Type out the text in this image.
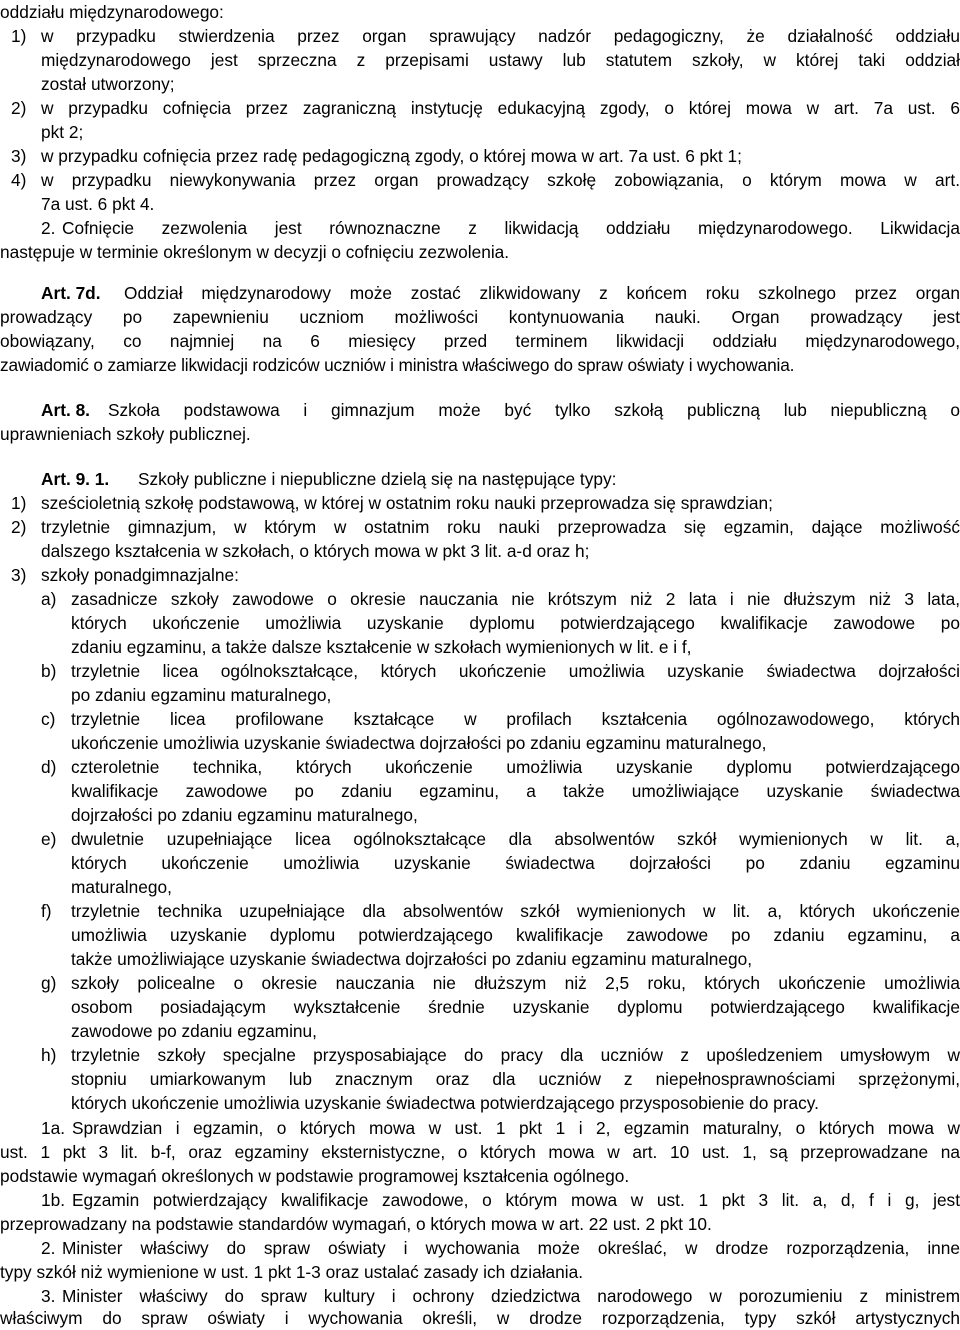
oddziału międzynarodowego:
1) w przypadku stwierdzenia przez organ sprawujący nadzór pedagogiczny, że działalność oddziału
międzynarodowego jest sprzeczna z przepisami ustawy lub statutem szkoły, w której taki oddział
został utworzony;
2) w przypadku cofnięcia przez zagraniczną instytucję edukacyjną zgody, o której mowa w art. 7a ust. 6
pkt 2;
3) w przypadku cofnięcia przez radę pedagogiczną zgody, o której mowa w art. 7a ust. 6 pkt 1;
4) w przypadku niewykonywania przez organ prowadzący szkołę zobowiązania, o którym mowa w art.
7a ust. 6 pkt 4.
2. Cofnięcie zezwolenia jest równoznaczne z likwidacją oddziału międzynarodowego. Likwidacja
następuje w terminie określonym w decyzji o cofnięciu zezwolenia.
Art. 7d. Oddział międzynarodowy może zostać zlikwidowany z końcem roku szkolnego przez organ
prowadzący po zapewnieniu uczniom możliwości kontynuowania nauki. Organ prowadzący jest
obowiązany, co najmniej na 6 miesięcy przed terminem likwidacji oddziału międzynarodowego,
zawiadomić o zamiarze likwidacji rodziców uczniów i ministra właściwego do spraw oświaty i wychowania.
Art. 8. Szkoła podstawowa i gimnazjum może być tylko szkołą publiczną lub niepubliczną o
uprawnieniach szkoły publicznej.
Art. 9. 1. Szkoły publiczne i niepubliczne dzielą się na następujące typy:
1) sześcioletnią szkołę podstawową, w której w ostatnim roku nauki przeprowadza się sprawdzian;
2) trzyletnie gimnazjum, w którym w ostatnim roku nauki przeprowadza się egzamin, dające możliwość
dalszego kształcenia w szkołach, o których mowa w pkt 3 lit. a-d oraz h;
3) szkoły ponadgimnazjalne:
a) zasadnicze szkoły zawodowe o okresie nauczania nie krótszym niż 2 lata i nie dłuższym niż 3 lata,
których ukończenie umożliwia uzyskanie dyplomu potwierdzającego kwalifikacje zawodowe po
zdaniu egzaminu, a także dalsze kształcenie w szkołach wymienionych w lit. e i f,
b) trzyletnie licea ogólnokształcące, których ukończenie umożliwia uzyskanie świadectwa dojrzałości
po zdaniu egzaminu maturalnego,
c) trzyletnie licea profilowane kształcące w profilach kształcenia ogólnozawodowego, których
ukończenie umożliwia uzyskanie świadectwa dojrzałości po zdaniu egzaminu maturalnego,
d) czteroletnie technika, których ukończenie umożliwia uzyskanie dyplomu potwierdzającego
kwalifikacje zawodowe po zdaniu egzaminu, a także umożliwiające uzyskanie świadectwa
dojrzałości po zdaniu egzaminu maturalnego,
e) dwuletnie uzupełniające licea ogólnokształcące dla absolwentów szkół wymienionych w lit. a,
których ukończenie umożliwia uzyskanie świadectwa dojrzałości po zdaniu egzaminu
maturalnego,
f) trzyletnie technika uzupełniające dla absolwentów szkół wymienionych w lit. a, których ukończenie
umożliwia uzyskanie dyplomu potwierdzającego kwalifikacje zawodowe po zdaniu egzaminu, a
także umożliwiające uzyskanie świadectwa dojrzałości po zdaniu egzaminu maturalnego,
g) szkoły policealne o okresie nauczania nie dłuższym niż 2,5 roku, których ukończenie umożliwia
osobom posiadającym wykształcenie średnie uzyskanie dyplomu potwierdzającego kwalifikacje
zawodowe po zdaniu egzaminu,
h) trzyletnie szkoły specjalne przysposabiające do pracy dla uczniów z upośledzeniem umysłowym w
stopniu umiarkowanym lub znacznym oraz dla uczniów z niepełnosprawnościami sprzężonymi,
których ukończenie umożliwia uzyskanie świadectwa potwierdzającego przysposobienie do pracy.
1a. Sprawdzian i egzamin, o których mowa w ust. 1 pkt 1 i 2, egzamin maturalny, o których mowa w
ust. 1 pkt 3 lit. b-f, oraz egzaminy eksternistyczne, o których mowa w art. 10 ust. 1, są przeprowadzane na
podstawie wymagań określonych w podstawie programowej kształcenia ogólnego.
1b. Egzamin potwierdzający kwalifikacje zawodowe, o którym mowa w ust. 1 pkt 3 lit. a, d, f i g, jest
przeprowadzany na podstawie standardów wymagań, o których mowa w art. 22 ust. 2 pkt 10.
2. Minister właściwy do spraw oświaty i wychowania może określać, w drodze rozporządzenia, inne
typy szkół niż wymienione w ust. 1 pkt 1-3 oraz ustalać zasady ich działania.
3. Minister właściwy do spraw kultury i ochrony dziedzictwa narodowego w porozumieniu z ministrem
właściwym do spraw oświaty i wychowania określi, w drodze rozporządzenia, typy szkół artystycznych
